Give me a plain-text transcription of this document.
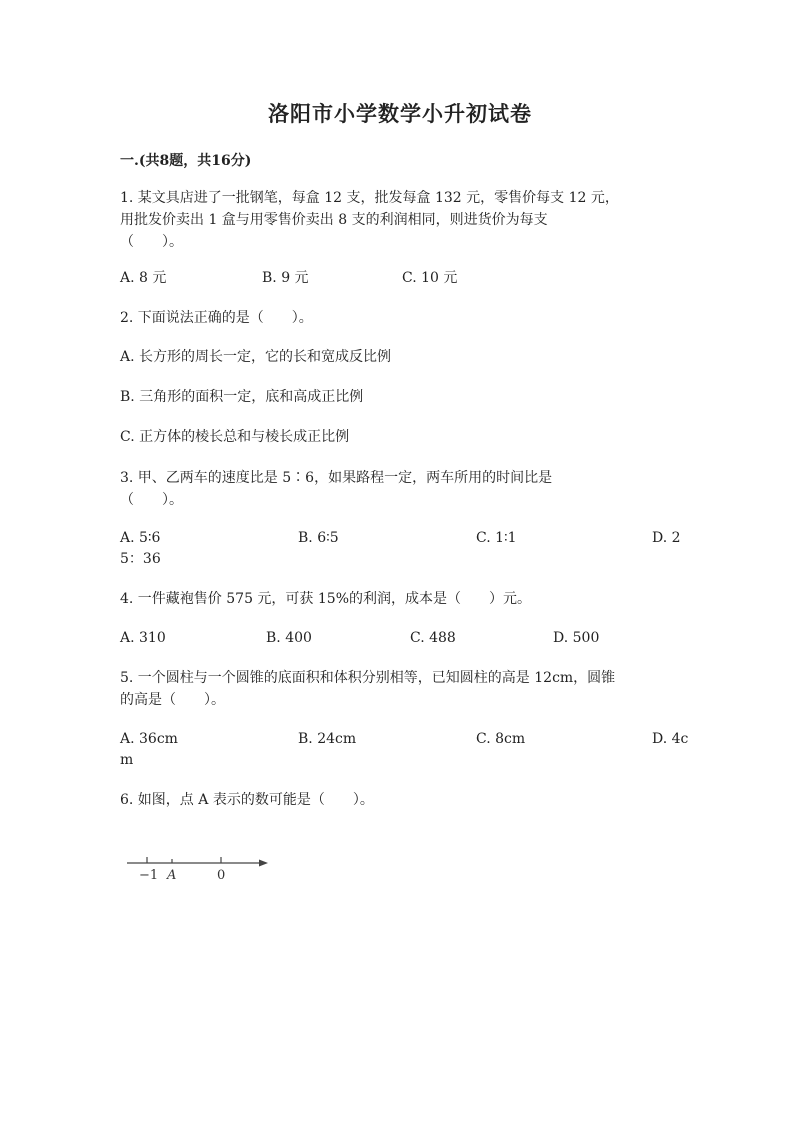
洛阳市小学数学小升初试卷
一.(共8题，共16分)
1. 某文具店进了一批钢笔，每盒 12 支，批发每盒 132 元，零售价每支 12 元，
用批发价卖出 1 盒与用零售价卖出 8 支的利润相同，则进货价为每支
（　　）。
A. 8 元	B. 9 元	C. 10 元
2. 下面说法正确的是（　　）。
A. 长方形的周长一定，它的长和宽成反比例
B. 三角形的面积一定，底和高成正比例
C. 正方体的棱长总和与棱长成正比例
3. 甲、乙两车的速度比是 5∶6，如果路程一定，两车所用的时间比是
（　　）。
A. 5∶6	B. 6∶5	C. 1∶1	D. 2
5：36
4. 一件藏袍售价 575 元，可获 15%的利润，成本是（　　）元。
A. 310	B. 400	C. 488	D. 500
5. 一个圆柱与一个圆锥的底面积和体积分别相等，已知圆柱的高是 12cm，圆锥
的高是（　　）。
A. 36cm	B. 24cm	C. 8cm	D. 4c
m
6. 如图，点 A 表示的数可能是（　　）。
−1 A	0
